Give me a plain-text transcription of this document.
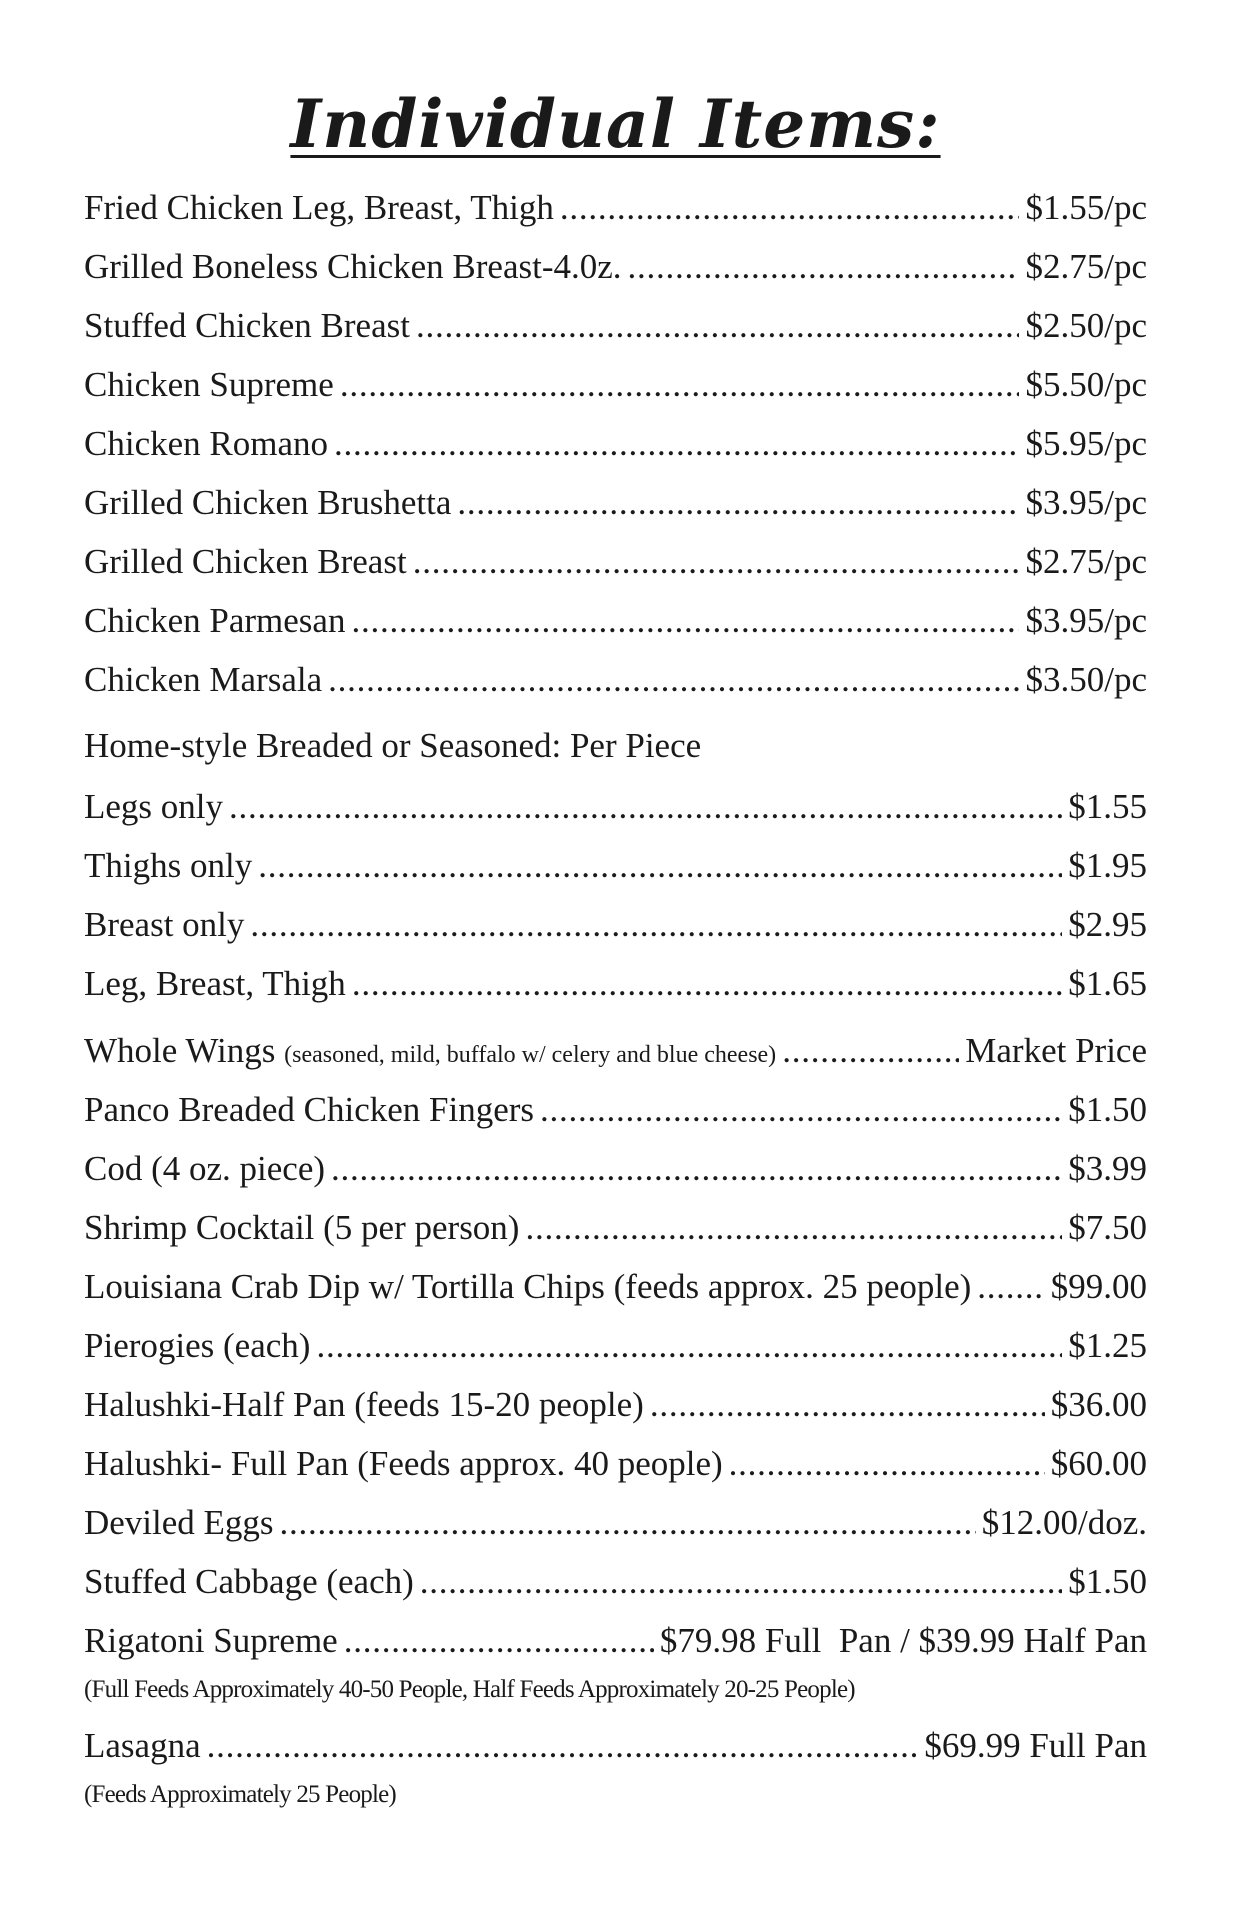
Individual Items:
Fried Chicken Leg, Breast, Thigh . . .	$1.55/pc
Grilled Boneless Chicken Breast-4.0z. . . .	$2.75/pc
Stuffed Chicken Breast . . .	$2.50/pc
Chicken Supreme . . .	$5.50/pc
Chicken Romano . . .	$5.95/pc
Grilled Chicken Brushetta . . .	$3.95/pc
Grilled Chicken Breast . . .	$2.75/pc
Chicken Parmesan . . .	$3.95/pc
Chicken Marsala . . .	$3.50/pc
Home-style Breaded or Seasoned: Per Piece
Legs only . . .	$1.55
Thighs only . . .	$1.95
Breast only . . .	$2.95
Leg, Breast, Thigh . . .	$1.65
Whole Wings (seasoned, mild, buffalo w/ celery and blue cheese) . . .	Market Price
Panco Breaded Chicken Fingers . . .	$1.50
Cod (4 oz. piece) . . .	$3.99
Shrimp Cocktail (5 per person) . . .	$7.50
Louisiana Crab Dip w/ Tortilla Chips (feeds approx. 25 people) . . . $99.00
Pierogies (each) . . .	$1.25
Halushki-Half Pan (feeds 15-20 people) . . .	$36.00
Halushki- Full Pan (Feeds approx. 40 people) . . .	$60.00
Deviled Eggs . . .	$12.00/doz.
Stuffed Cabbage (each) . . .	$1.50
Rigatoni Supreme . . .	$79.98 Full  Pan / $39.99 Half Pan
(Full Feeds Approximately 40-50 People, Half Feeds Approximately 20-25 People)
Lasagna . . .	$69.99 Full Pan
(Feeds Approximately 25 People)
